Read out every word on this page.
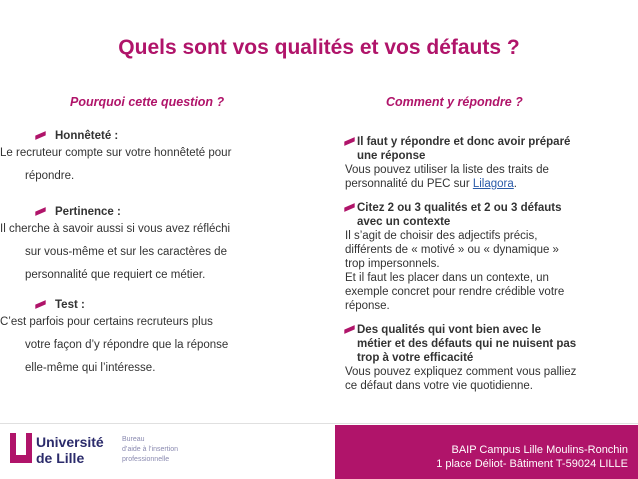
Quels sont vos qualités et vos défauts ?
Pourquoi cette question ?	Comment y répondre ?
Honnêteté :
Le recruteur compte sur votre honnêteté pour
répondre.
Pertinence :
Il cherche à savoir aussi si vous avez réfléchi
sur vous-même et sur les caractères de
personnalité que requiert ce métier.
Test :
C’est parfois pour certains recruteurs plus
votre façon d’y répondre que la réponse
elle-même qui l’intéresse.
Il faut y répondre et donc avoir préparé
une réponse
Vous pouvez utiliser la liste des traits de
personnalité du PEC sur Lilagora.
Citez 2 ou 3 qualités et 2 ou 3 défauts
avec un contexte
Il s’agit de choisir des adjectifs précis,
différents de « motivé » ou « dynamique »
trop impersonnels.
Et il faut les placer dans un contexte, un
exemple concret pour rendre crédible votre
réponse.
Des qualités qui vont bien avec le
métier et des défauts qui ne nuisent pas
trop à votre efficacité
Vous pouvez expliquez comment vous palliez
ce défaut dans votre vie quotidienne.
Université
de Lille
Bureau
d’aide à l’insertion
professionnelle
BAIP Campus Lille Moulins-Ronchin
1 place Déliot- Bâtiment T-59024 LILLE
